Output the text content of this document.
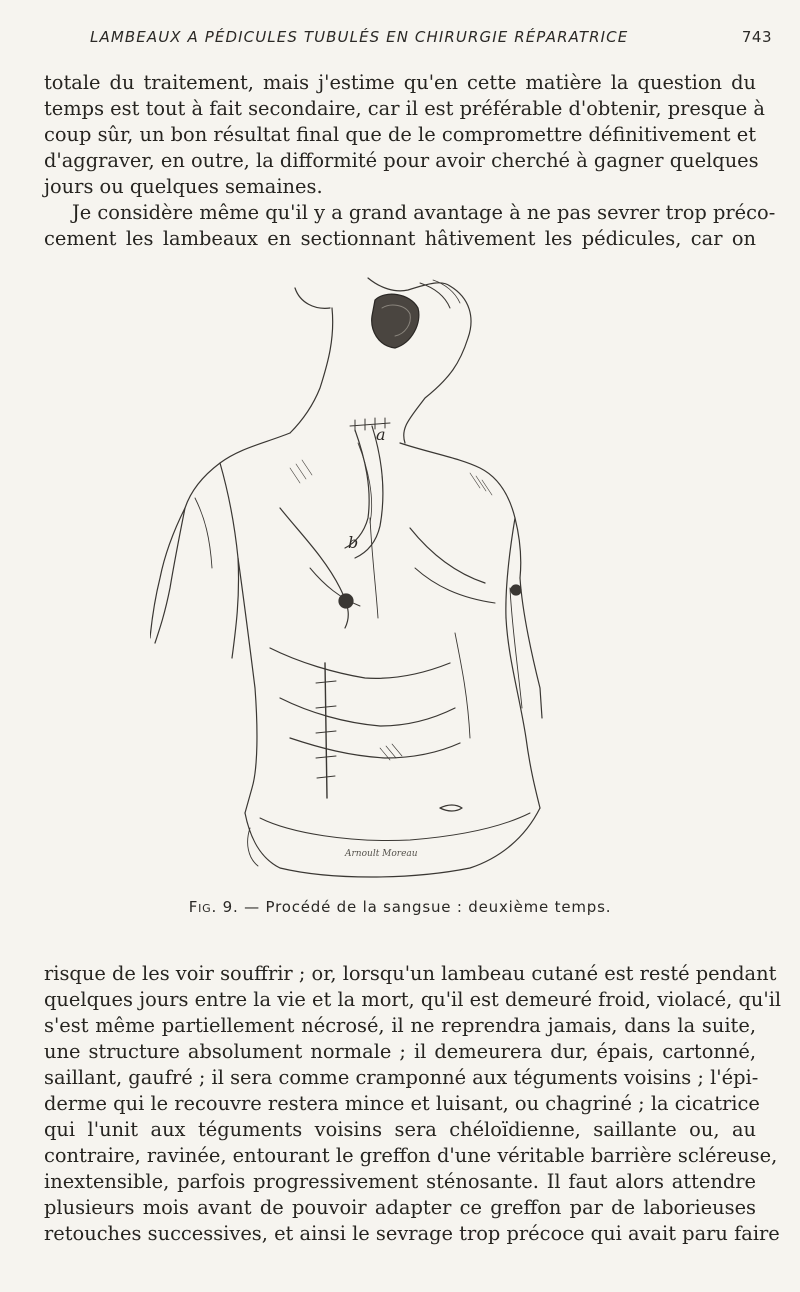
LAMBEAUX A PÉDICULES TUBULÉS EN CHIRURGIE RÉPARATRICE	743
totale du traitement, mais j'estime qu'en cette matière la question du
temps est tout à fait secondaire, car il est préférable d'obtenir, presque à
coup sûr, un bon résultat final que de le compromettre définitivement et
d'aggraver, en outre, la difformité pour avoir cherché à gagner quelques
jours ou quelques semaines.
Je considère même qu'il y a grand avantage à ne pas sevrer trop préco-
cement les lambeaux en sectionnant hâtivement les pédicules, car on
a
b
Arnoult Moreau
Fig. 9. — Procédé de la sangsue : deuxième temps.
risque de les voir souffrir ; or, lorsqu'un lambeau cutané est resté pendant
quelques jours entre la vie et la mort, qu'il est demeuré froid, violacé, qu'il
s'est même partiellement nécrosé, il ne reprendra jamais, dans la suite,
une structure absolument normale ; il demeurera dur, épais, cartonné,
saillant, gaufré ; il sera comme cramponné aux téguments voisins ; l'épi-
derme qui le recouvre restera mince et luisant, ou chagriné ; la cicatrice
qui l'unit aux téguments voisins sera chéloïdienne, saillante ou, au
contraire, ravinée, entourant le greffon d'une véritable barrière scléreuse,
inextensible, parfois progressivement sténosante. Il faut alors attendre
plusieurs mois avant de pouvoir adapter ce greffon par de laborieuses
retouches successives, et ainsi le sevrage trop précoce qui avait paru faire
